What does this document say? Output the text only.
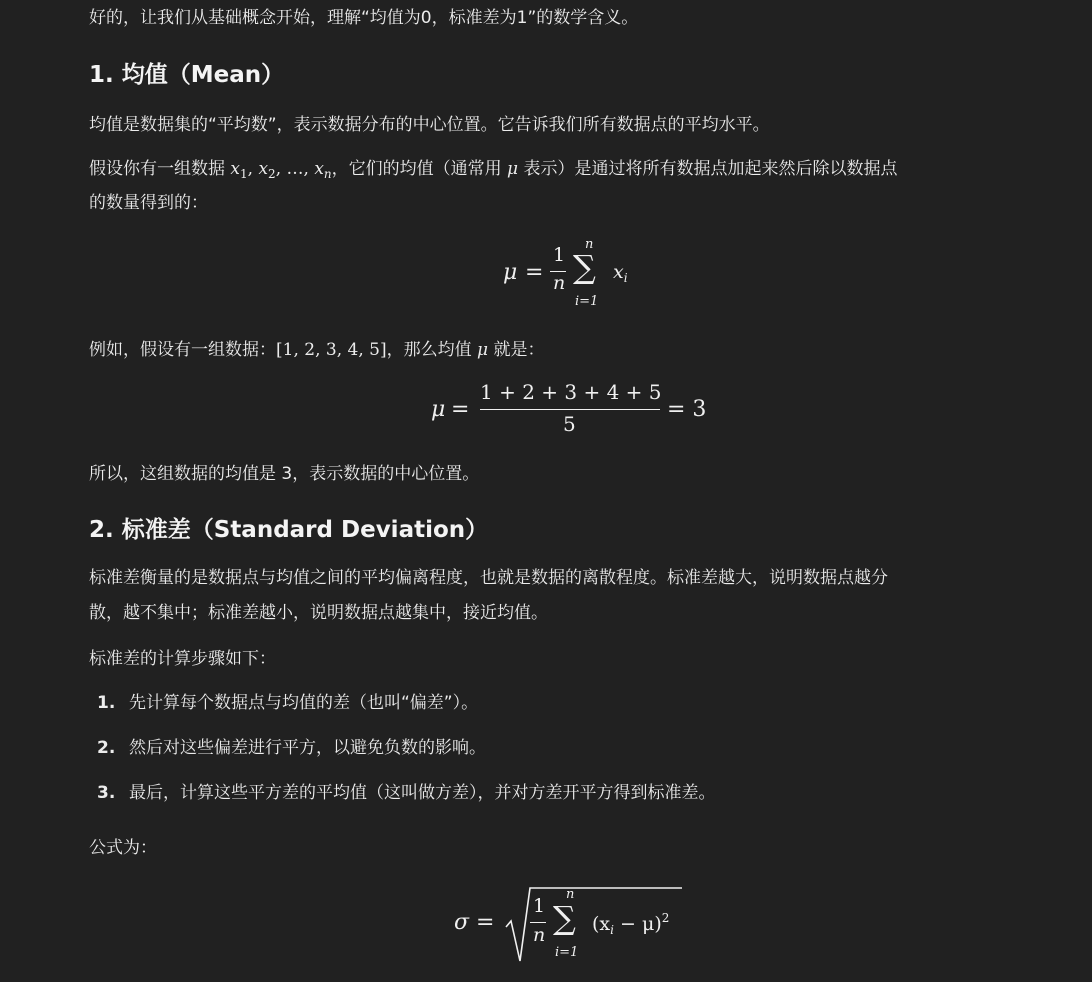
好的，让我们从基础概念开始，理解“均值为0，标准差为1”的数学含义。
1. 均值（Mean）
均值是数据集的“平均数”，表示数据分布的中心位置。它告诉我们所有数据点的平均水平。
假设你有一组数据 $x_1$, $x_2$, …, $x_n$，它们的均值（通常用 μ 表示）是通过将所有数据点加起来然后除以数据点
的数量得到的：
μ =
1
n
n
∑
i=1
$x_i$
例如，假设有一组数据：[1, 2, 3, 4, 5]，那么均值 μ 就是：
μ =
1 + 2 + 3 + 4 + 5
5
= 3
所以，这组数据的均值是 3，表示数据的中心位置。
2. 标准差（Standard Deviation）
标准差衡量的是数据点与均值之间的平均偏离程度，也就是数据的离散程度。标准差越大，说明数据点越分
散，越不集中；标准差越小，说明数据点越集中，接近均值。
标准差的计算步骤如下：
1. 先计算每个数据点与均值的差（也叫“偏差”）。
2. 然后对这些偏差进行平方，以避免负数的影响。
3. 最后，计算这些平方差的平均值（这叫做方差），并对方差开平方得到标准差。
公式为：
σ =
1
n
n
∑
i=1
$(x_i - \mu)^2$
